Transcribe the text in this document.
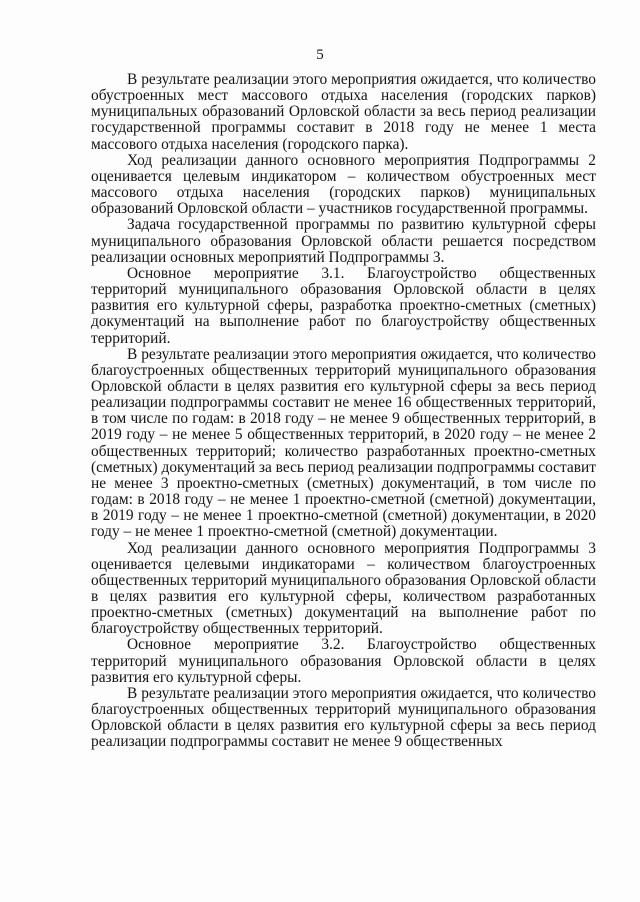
5

В результате реализации этого мероприятия ожидается, что количество обустроенных мест массового отдыха населения (городских парков) муниципальных образований Орловской области за весь период реализации государственной программы составит в 2018 году не менее 1 места массового отдыха населения (городского парка).

Ход реализации данного основного мероприятия Подпрограммы 2 оценивается целевым индикатором – количеством обустроенных мест массового отдыха населения (городских парков) муниципальных образований Орловской области – участников государственной программы.

Задача государственной программы по развитию культурной сферы муниципального образования Орловской области решается посредством реализации основных мероприятий Подпрограммы 3.

Основное мероприятие 3.1. Благоустройство общественных территорий муниципального образования Орловской области в целях развития его культурной сферы, разработка проектно-сметных (сметных) документаций на выполнение работ по благоустройству общественных территорий.

В результате реализации этого мероприятия ожидается, что количество благоустроенных общественных территорий муниципального образования Орловской области в целях развития его культурной сферы за весь период реализации подпрограммы составит не менее 16 общественных территорий, в том числе по годам: в 2018 году – не менее 9 общественных территорий, в 2019 году – не менее 5 общественных территорий, в 2020 году – не менее 2 общественных территорий; количество разработанных проектно-сметных (сметных) документаций за весь период реализации подпрограммы составит не менее 3 проектно-сметных (сметных) документаций, в том числе по годам: в 2018 году – не менее 1 проектно-сметной (сметной) документации, в 2019 году – не менее 1 проектно-сметной (сметной) документации, в 2020 году – не менее 1 проектно-сметной (сметной) документации.

Ход реализации данного основного мероприятия Подпрограммы 3 оценивается целевыми индикаторами – количеством благоустроенных общественных территорий муниципального образования Орловской области в целях развития его культурной сферы, количеством разработанных проектно-сметных (сметных) документаций на выполнение работ по благоустройству общественных территорий.

Основное мероприятие 3.2. Благоустройство общественных территорий муниципального образования Орловской области в целях развития его культурной сферы.

В результате реализации этого мероприятия ожидается, что количество благоустроенных общественных территорий муниципального образования Орловской области в целях развития его культурной сферы за весь период реализации подпрограммы составит не менее 9 общественных
